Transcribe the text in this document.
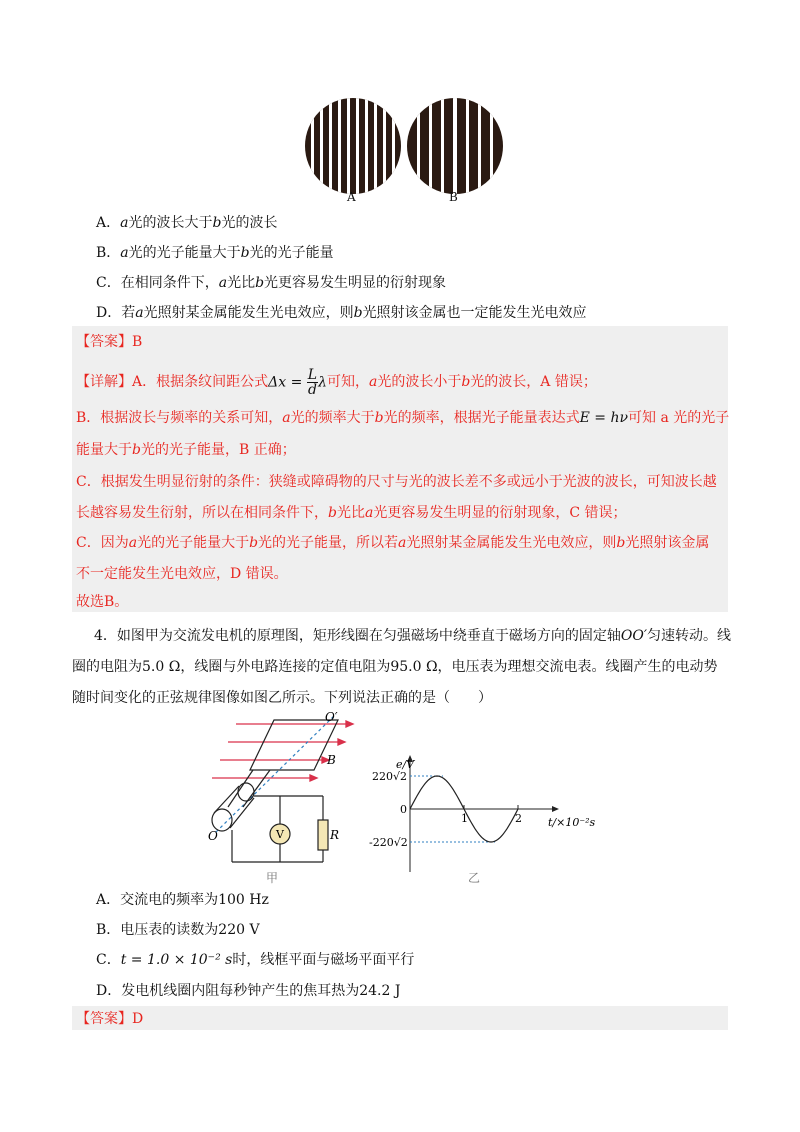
A	B
A．a光的波长大于b光的波长
B．a光的光子能量大于b光的光子能量
C．在相同条件下，a光比b光更容易发生明显的衍射现象
D．若a光照射某金属能发生光电效应，则b光照射该金属也一定能发生光电效应
【答案】B
【详解】A．根据条纹间距公式$\Delta x = \frac{L}{d}$ λ可知，a光的波长小于b光的波长，A 错误；
B．根据波长与频率的关系可知，a光的频率大于b光的频率，根据光子能量表达式E = hν可知 a 光的光子
能量大于b光的光子能量，B 正确；
C．根据发生明显衍射的条件：狭缝或障碍物的尺寸与光的波长差不多或远小于光波的波长，可知波长越
长越容易发生衍射，所以在相同条件下，b光比a光更容易发生明显的衍射现象，C 错误；
C．因为a光的光子能量大于b光的光子能量，所以若a光照射某金属能发生光电效应，则b光照射该金属
不一定能发生光电效应，D 错误。
故选B。
4．如图甲为交流发电机的原理图，矩形线圈在匀强磁场中绕垂直于磁场方向的固定轴OO′匀速转动。线
圈的电阻为5.0 Ω，线圈与外电路连接的定值电阻为95.0 Ω，电压表为理想交流电表。线圈产生的电动势
随时间变化的正弦规律图像如图乙所示。下列说法正确的是（　　）
V	R
O′
B
O
甲
e/V
220√2
-220√2
0
1	2 t/×10⁻²s
乙
A．交流电的频率为100 Hz
B．电压表的读数为220 V
C．t = 1.0 × 10⁻² s时，线框平面与磁场平面平行
D．发电机线圈内阻每秒钟产生的焦耳热为24.2 J
【答案】D
